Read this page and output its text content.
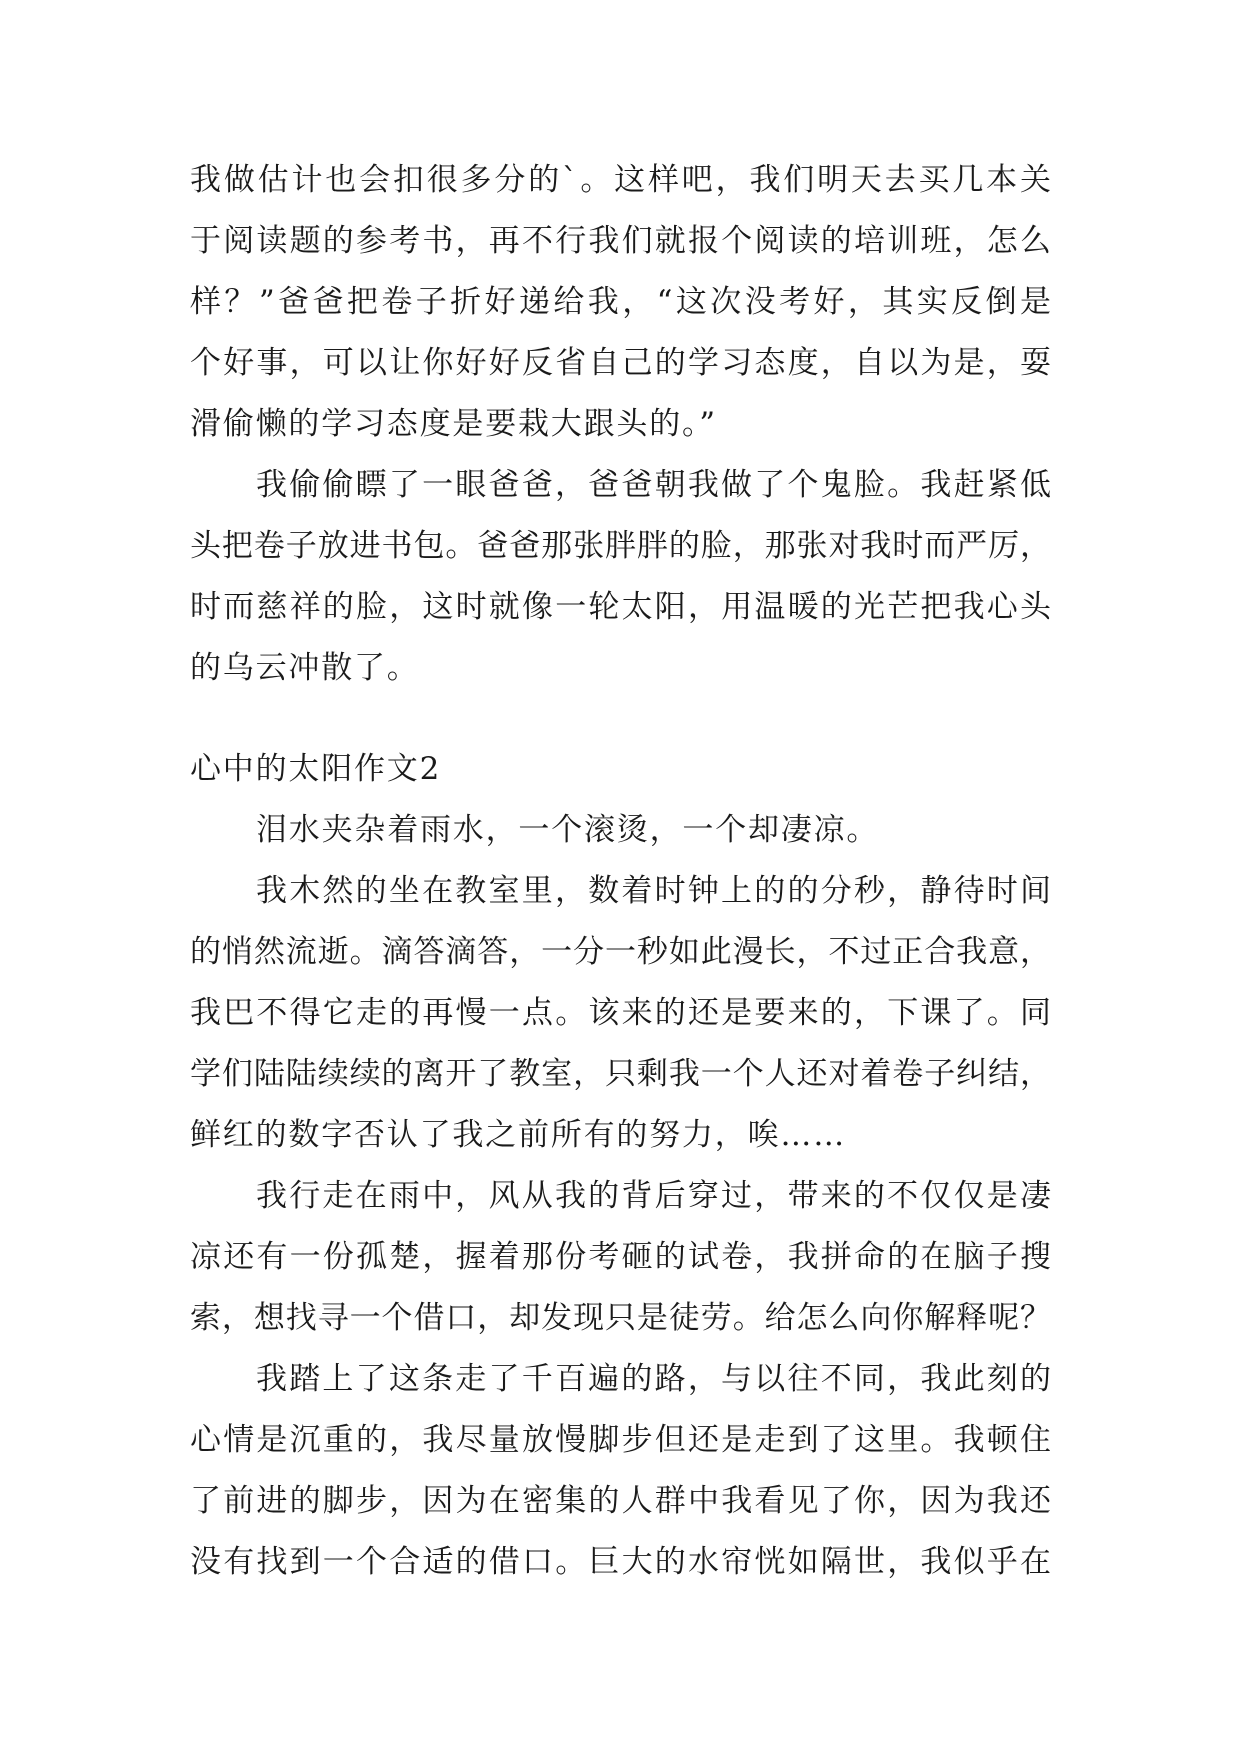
我做估计也会扣很多分的`。这样吧，我们明天去买几本关
于阅读题的参考书，再不行我们就报个阅读的培训班，怎么
样？”爸爸把卷子折好递给我，“这次没考好，其实反倒是
个好事，可以让你好好反省自己的学习态度，自以为是，耍
滑偷懒的学习态度是要栽大跟头的。”
我偷偷瞟了一眼爸爸，爸爸朝我做了个鬼脸。我赶紧低
头把卷子放进书包。爸爸那张胖胖的脸，那张对我时而严厉，
时而慈祥的脸，这时就像一轮太阳，用温暖的光芒把我心头
的乌云冲散了。
心中的太阳作文2
泪水夹杂着雨水，一个滚烫，一个却凄凉。
我木然的坐在教室里，数着时钟上的的分秒，静待时间
的悄然流逝。滴答滴答，一分一秒如此漫长，不过正合我意，
我巴不得它走的再慢一点。该来的还是要来的，下课了。同
学们陆陆续续的离开了教室，只剩我一个人还对着卷子纠结，
鲜红的数字否认了我之前所有的努力，唉……
我行走在雨中，风从我的背后穿过，带来的不仅仅是凄
凉还有一份孤楚，握着那份考砸的试卷，我拼命的在脑子搜
索，想找寻一个借口，却发现只是徒劳。给怎么向你解释呢？
我踏上了这条走了千百遍的路，与以往不同，我此刻的
心情是沉重的，我尽量放慢脚步但还是走到了这里。我顿住
了前进的脚步，因为在密集的人群中我看见了你，因为我还
没有找到一个合适的借口。巨大的水帘恍如隔世，我似乎在
